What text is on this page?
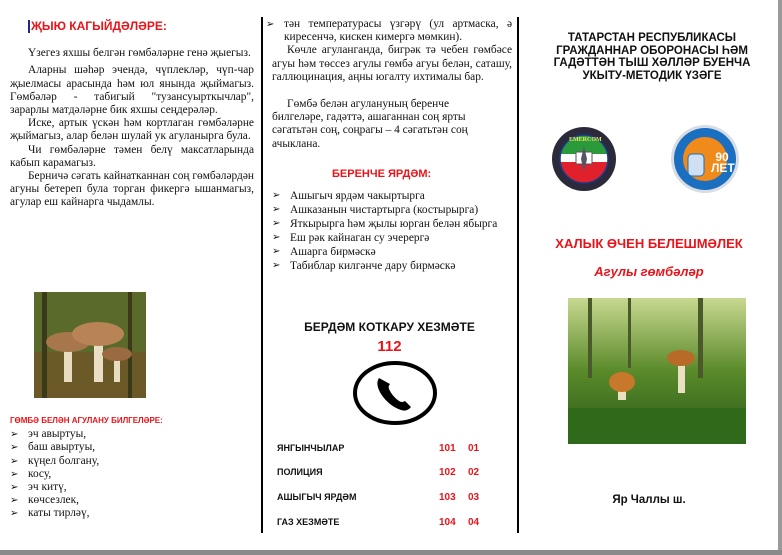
ҖЫЮ КАГЫЙДӘЛӘРЕ:

Үзегез яхшы белгән гөмбәләрне генә җыегыз.

Аларны шәһәр эчендә, чүплекләр, чүп-чар җыелмасы арасында һәм юл янында җыймагыз. Гөмбәләр - табигый "тузансуырткычлар", зарарлы матдәләрне бик яхшы сеңдерәләр.

Иске, артык үскән һәм кортлаган гөмбәләрне җыймагыз, алар белән шулай ук агуланырга була.

Чи гөмбәләрне тәмен белү максатларында кабып карамагыз.

Берничә сәгать кайнатканнан соң гөмбәләрдән агуны бетереп була торган фикергә ышанмагыз, агулар еш кайнарга чыдамлы.

ГӨМБӘ БЕЛӘН АГУЛАНУ БИЛГЕЛӘРЕ:
➢ эч авыртуы,
➢ баш авыртуы,
➢ күңел болгану,
➢ косу,
➢ эч китү,
➢ көчсезлек,
➢ каты тирләү,
➢ тән температурасы үзгәрү (ул артмаска, ә киресенчә, кискен кимергә мөмкин).

Көчле агуланганда, бигрәк тә чебен гөмбәсе агуы һәм төссез агулы гөмбә агуы белән, саташу, галлюцинация, аңны югалту ихтималы бар.

Гөмбә белән агулануның беренче билгеләре, гадәттә, ашаганнан соң ярты сәгатьтән соң, соңрагы – 4 сәгатьтән соң ачыклана.

БЕРЕНЧЕ ЯРДӘМ:
➢ Ашыгыч ярдәм чакыртырга
➢ Ашказанын чистартырга (костырырга)
➢ Яткырырга һәм җылы юрган белән ябырга
➢ Еш рәк кайнаган су эчерергә
➢ Ашарга бирмәскә
➢ Табиблар килгәнче дару бирмәскә
БЕРДӘМ КОТКАРУ ХЕЗМӘТЕ
112
ЯНГЫНЧЫЛАР	101 01
ПОЛИЦИЯ	102 02
АШЫГЫЧ ЯРДӘМ	103 03
ГАЗ ХЕЗМӘТЕ	104 04
ТАТАРСТАН РЕСПУБЛИКАСЫ ГРАЖДАННАР ОБОРОНАСЫ ҺӘМ ГАДӘТТӘН ТЫШ ХӘЛЛӘР БУЕНЧА УКЫТУ-МЕТОДИК ҮЗӘГЕ
EMERCOM
90 ЛЕТ
ХАЛЫК ӨЧЕН БЕЛЕШМӘЛЕК
Агулы гөмбәләр
Яр Чаллы ш.
